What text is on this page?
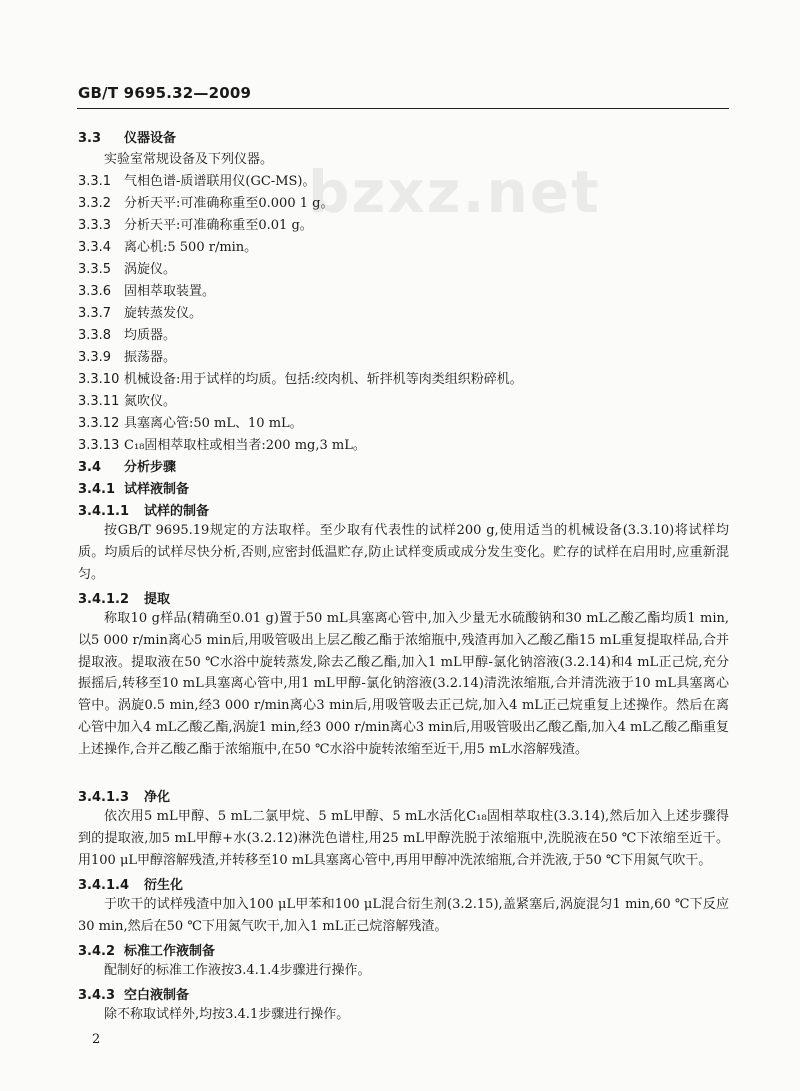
GB/T 9695.32—2009
bzxz.net
3.3 仪器设备
实验室常规设备及下列仪器。
3.3.1 气相色谱-质谱联用仪(GC-MS)。
3.3.2 分析天平:可准确称重至0.000 1 g。
3.3.3 分析天平:可准确称重至0.01 g。
3.3.4 离心机:5 500 r/min。
3.3.5 涡旋仪。
3.3.6 固相萃取装置。
3.3.7 旋转蒸发仪。
3.3.8 均质器。
3.3.9 振荡器。
3.3.10 机械设备:用于试样的均质。包括:绞肉机、斩拌机等肉类组织粉碎机。
3.3.11 氮吹仪。
3.3.12 具塞离心管:50 mL、10 mL。
3.3.13 C₁₈固相萃取柱或相当者:200 mg,3 mL。
3.4 分析步骤
3.4.1 试样液制备
3.4.1.1 试样的制备
按GB/T 9695.19规定的方法取样。至少取有代表性的试样200 g,使用适当的机械设备(3.3.10)将试样均质。均质后的试样尽快分析,否则,应密封低温贮存,防止试样变质或成分发生变化。贮存的试样在启用时,应重新混匀。
3.4.1.2 提取
称取10 g样品(精确至0.01 g)置于50 mL具塞离心管中,加入少量无水硫酸钠和30 mL乙酸乙酯均质1 min,以5 000 r/min离心5 min后,用吸管吸出上层乙酸乙酯于浓缩瓶中,残渣再加入乙酸乙酯15 mL重复提取样品,合并提取液。提取液在50 ℃水浴中旋转蒸发,除去乙酸乙酯,加入1 mL甲醇-氯化钠溶液(3.2.14)和4 mL正己烷,充分振摇后,转移至10 mL具塞离心管中,用1 mL甲醇-氯化钠溶液(3.2.14)清洗浓缩瓶,合并清洗液于10 mL具塞离心管中。涡旋0.5 min,经3 000 r/min离心3 min后,用吸管吸去正己烷,加入4 mL正己烷重复上述操作。然后在离心管中加入4 mL乙酸乙酯,涡旋1 min,经3 000 r/min离心3 min后,用吸管吸出乙酸乙酯,加入4 mL乙酸乙酯重复上述操作,合并乙酸乙酯于浓缩瓶中,在50 ℃水浴中旋转浓缩至近干,用5 mL水溶解残渣。
3.4.1.3 净化
依次用5 mL甲醇、5 mL二氯甲烷、5 mL甲醇、5 mL水活化C₁₈固相萃取柱(3.3.14),然后加入上述步骤得到的提取液,加5 mL甲醇+水(3.2.12)淋洗色谱柱,用25 mL甲醇洗脱于浓缩瓶中,洗脱液在50 ℃下浓缩至近干。用100 μL甲醇溶解残渣,并转移至10 mL具塞离心管中,再用甲醇冲洗浓缩瓶,合并洗液,于50 ℃下用氮气吹干。
3.4.1.4 衍生化
于吹干的试样残渣中加入100 μL甲苯和100 μL混合衍生剂(3.2.15),盖紧塞后,涡旋混匀1 min,60 ℃下反应30 min,然后在50 ℃下用氮气吹干,加入1 mL正己烷溶解残渣。
3.4.2 标准工作液制备
配制好的标准工作液按3.4.1.4步骤进行操作。
3.4.3 空白液制备
除不称取试样外,均按3.4.1步骤进行操作。
2
